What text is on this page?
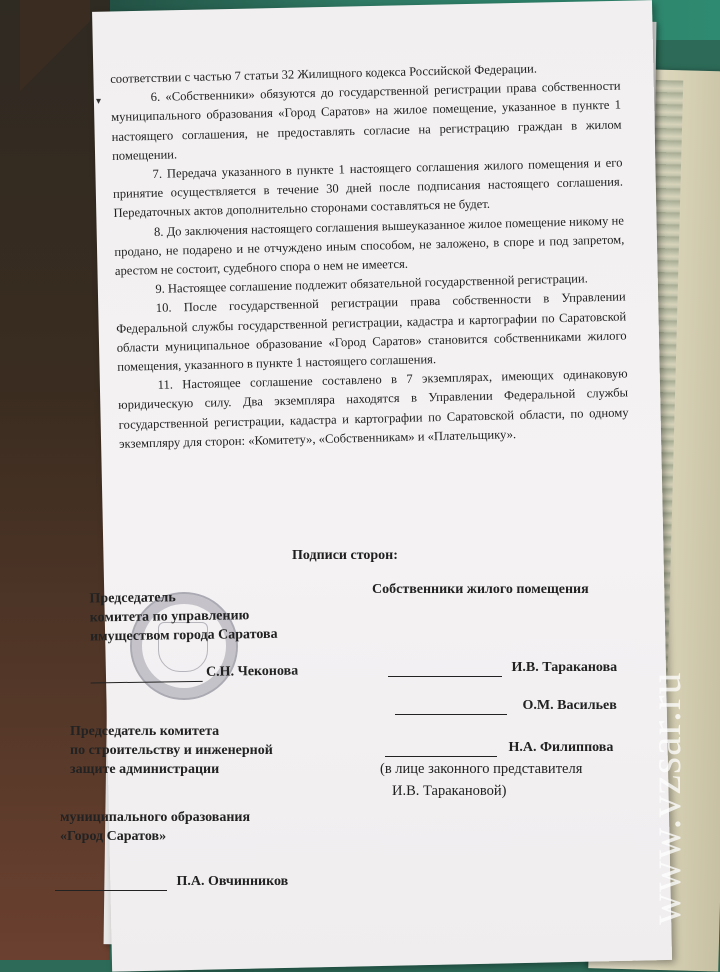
▾

соответствии с частью 7 статьи 32 Жилищного кодекса Российской Федерации.

6. «Собственники» обязуются до государственной регистрации права собственности муниципального образования «Город Саратов» на жилое помещение, указанное в пункте 1 настоящего соглашения, не предоставлять согласие на регистрацию граждан в жилом помещении.

7. Передача указанного в пункте 1 настоящего соглашения жилого помещения и его принятие осуществляется в течение 30 дней после подписания настоящего соглашения. Передаточных актов дополнительно сторонами составляться не будет.

8. До заключения настоящего соглашения вышеуказанное жилое помещение никому не продано, не подарено и не отчуждено иным способом, не заложено, в споре и под запретом, арестом не состоит, судебного спора о нем не имеется.

9. Настоящее соглашение подлежит обязательной государственной регистрации.

10. После государственной регистрации права собственности в Управлении Федеральной службы государственной регистрации, кадастра и картографии по Саратовской области муниципальное образование «Город Саратов» становится собственниками жилого помещения, указанного в пункте 1 настоящего соглашения.

11. Настоящее соглашение составлено в 7 экземплярах, имеющих одинаковую юридическую силу. Два экземпляра находятся в Управлении Федеральной службы государственной регистрации, кадастра и картографии по Саратовской области, по одному экземпляру для сторон: «Комитету», «Собственникам» и «Плательщику».

Подписи сторон:
Председатель
комитета по управлению
имуществом города Саратова
С.Н. Чеконова
Председатель комитета
по строительству и инженерной
защите администрации
муниципального образования
«Город Саратов»
П.А. Овчинников
Собственники жилого помещения
И.В. Тараканова
О.М. Васильев
Н.А. Филиппова
(в лице законного представителя
И.В. Таракановой)	www.vzsar.ru
